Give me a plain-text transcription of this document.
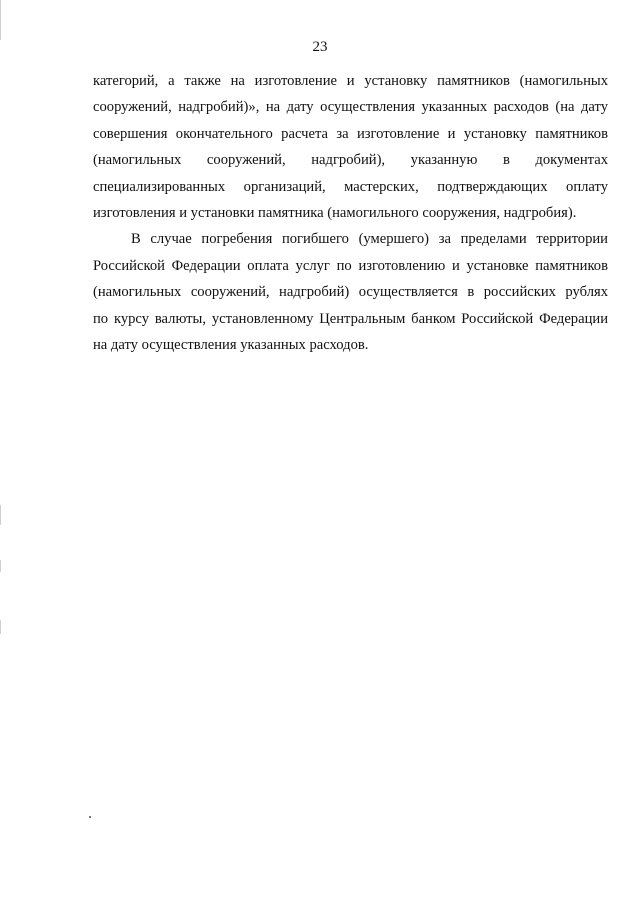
23
категорий, а также на изготовление и установку памятников (намогильных
сооружений, надгробий)», на дату осуществления указанных расходов (на дату
совершения окончательного расчета за изготовление и установку памятников
(намогильных сооружений, надгробий), указанную в документах
специализированных организаций, мастерских, подтверждающих оплату
изготовления и установки памятника (намогильного сооружения, надгробия).
В случае погребения погибшего (умершего) за пределами территории
Российской Федерации оплата услуг по изготовлению и установке памятников
(намогильных сооружений, надгробий) осуществляется в российских рублях
по курсу валюты, установленному Центральным банком Российской Федерации
на дату осуществления указанных расходов.
